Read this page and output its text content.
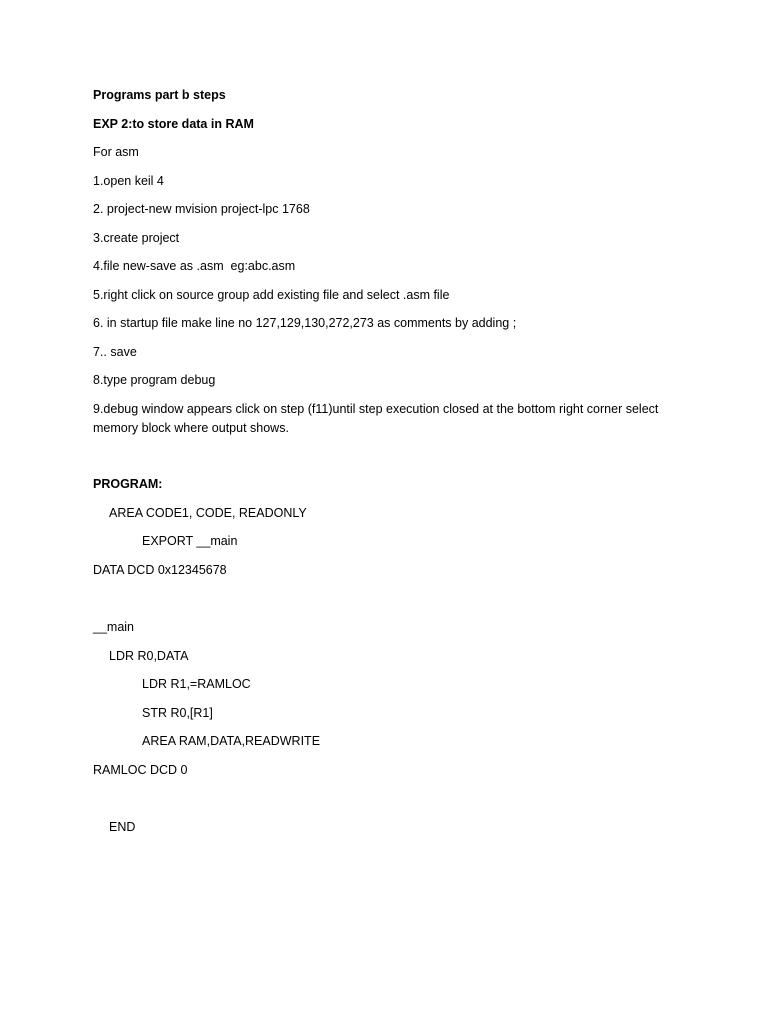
Programs part b steps

EXP 2:to store data in RAM

For asm

1.open keil 4

2. project-new mvision project-lpc 1768

3.create project

4.file new-save as .asm  eg:abc.asm

5.right click on source group add existing file and select .asm file

6. in startup file make line no 127,129,130,272,273 as comments by adding ;

7.. save

8.type program debug

9.debug window appears click on step (f11)until step execution closed at the bottom right corner select memory block where output shows.

PROGRAM:

AREA CODE1, CODE, READONLY

EXPORT __main

DATA DCD 0x12345678

__main

LDR R0,DATA

LDR R1,=RAMLOC

STR R0,[R1]

AREA RAM,DATA,READWRITE

RAMLOC DCD 0

END
